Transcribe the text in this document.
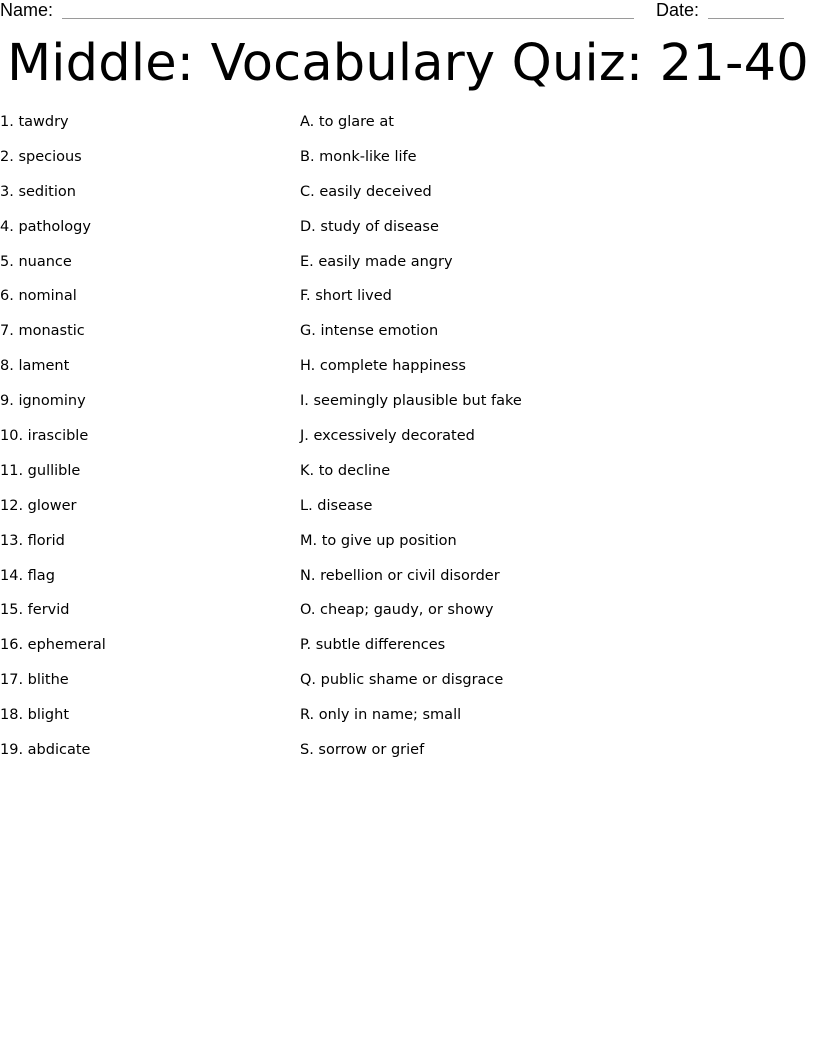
Name:	Date:
Middle: Vocabulary Quiz: 21-40
1. tawdry
2. specious
3. sedition
4. pathology
5. nuance
6. nominal
7. monastic
8. lament
9. ignominy
10. irascible
11. gullible
12. glower
13. florid
14. flag
15. fervid
16. ephemeral
17. blithe
18. blight
19. abdicate
A. to glare at
B. monk-like life
C. easily deceived
D. study of disease
E. easily made angry
F. short lived
G. intense emotion
H. complete happiness
I. seemingly plausible but fake
J. excessively decorated
K. to decline
L. disease
M. to give up position
N. rebellion or civil disorder
O. cheap; gaudy, or showy
P. subtle differences
Q. public shame or disgrace
R. only in name; small
S. sorrow or grief
